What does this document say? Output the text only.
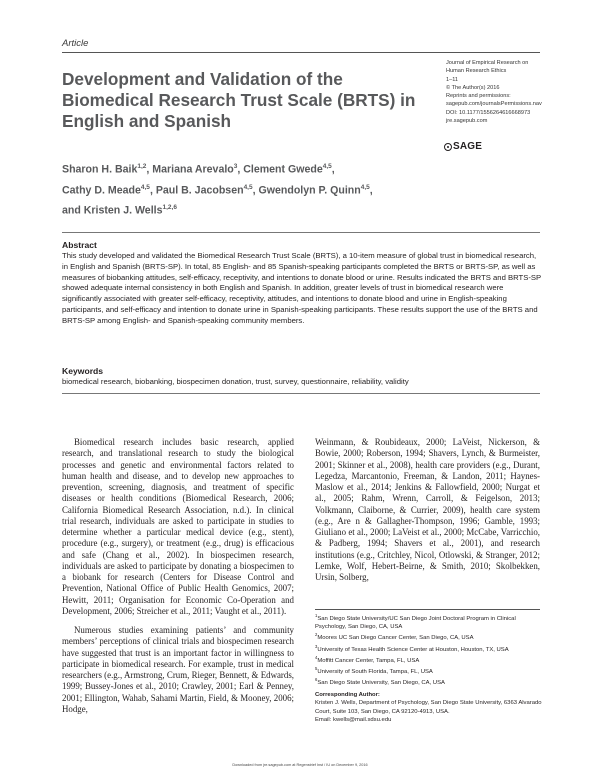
Article
Development and Validation of the Biomedical Research Trust Scale (BRTS) in English and Spanish
Journal of Empirical Research on
Human Research Ethics
1–11
© The Author(s) 2016
Reprints and permissions:
sagepub.com/journalsPermissions.nav
DOI: 10.1177/1556264616668973
jre.sagepub.com
SAGE
Sharon H. Baik$^{1,2}$, Mariana Arevalo$^3$, Clement Gwede$^{4,5}$,
Cathy D. Meade$^{4,5}$, Paul B. Jacobsen$^{4,5}$, Gwendolyn P. Quinn$^{4,5}$,
and Kristen J. Wells$^{1,2,6}$
Abstract
This study developed and validated the Biomedical Research Trust Scale (BRTS), a 10-item measure of global trust in biomedical research, in English and Spanish (BRTS-SP). In total, 85 English- and 85 Spanish-speaking participants completed the BRTS or BRTS-SP, as well as measures of biobanking attitudes, self-efficacy, receptivity, and intentions to donate blood or urine. Results indicated the BRTS and BRTS-SP showed adequate internal consistency in both English and Spanish. In addition, greater levels of trust in biomedical research were significantly associated with greater self-efficacy, receptivity, attitudes, and intentions to donate blood and urine in English-speaking participants, and self-efficacy and intention to donate urine in Spanish-speaking participants. These results support the use of the BRTS and BRTS-SP among English- and Spanish-speaking community members.
Keywords
biomedical research, biobanking, biospecimen donation, trust, survey, questionnaire, reliability, validity

Biomedical research includes basic research, applied research, and translational research to study the biological processes and genetic and environmental factors related to human health and disease, and to develop new approaches to prevention, screening, diagnosis, and treatment of specific diseases or health conditions (Biomedical Research, 2006; California Biomedical Research Association, n.d.). In clinical trial research, individuals are asked to participate in studies to determine whether a particular medical device (e.g., stent), procedure (e.g., surgery), or treatment (e.g., drug) is efficacious and safe (Chang et al., 2002). In biospecimen research, individuals are asked to participate by donating a biospecimen to a biobank for research (Centers for Disease Control and Prevention, National Office of Public Health Genomics, 2007; Hewitt, 2011; Organisation for Economic Co-Operation and Development, 2006; Streicher et al., 2011; Vaught et al., 2011).

Numerous studies examining patients’ and community members’ perceptions of clinical trials and biospecimen research have suggested that trust is an important factor in willingness to participate in biomedical research. For example, trust in medical researchers (e.g., Armstrong, Crum, Rieger, Bennett, & Edwards, 1999; Bussey-Jones et al., 2010; Crawley, 2001; Earl & Penney, 2001; Ellington, Wahab, Sahami Martin, Field, & Mooney, 2006; Hodge,

Weinmann, & Roubideaux, 2000; LaVeist, Nickerson, & Bowie, 2000; Roberson, 1994; Shavers, Lynch, & Burmeister, 2001; Skinner et al., 2008), health care providers (e.g., Durant, Legedza, Marcantonio, Freeman, & Landon, 2011; Haynes-Maslow et al., 2014; Jenkins & Fallowfield, 2000; Nurgat et al., 2005; Rahm, Wrenn, Carroll, & Feigelson, 2013; Volkmann, Claiborne, & Currier, 2009), health care system (e.g., Are n & Gallagher-Thompson, 1996; Gamble, 1993; Giuliano et al., 2000; LaVeist et al., 2000; McCabe, Varricchio, & Padberg, 1994; Shavers et al., 2001), and research institutions (e.g., Critchley, Nicol, Otlowski, & Stranger, 2012; Lemke, Wolf, Hebert-Beirne, & Smith, 2010; Skolbekken, Ursin, Solberg,

$^1$San Diego State University/UC San Diego Joint Doctoral Program in Clinical Psychology, San Diego, CA, USA
$^2$Moores UC San Diego Cancer Center, San Diego, CA, USA
$^3$University of Texas Health Science Center at Houston, Houston, TX, USA
$^4$Moffitt Cancer Center, Tampa, FL, USA
$^5$University of South Florida, Tampa, FL, USA
$^6$San Diego State University, San Diego, CA, USA
Corresponding Author:
Kristen J. Wells, Department of Psychology, San Diego State University, 6363 Alvarado Court, Suite 103, San Diego, CA 92120-4913, USA.
Email: kwells@mail.sdsu.edu
Downloaded from jre.sagepub.com at Regenstrief Inst / IU on December 9, 2016
